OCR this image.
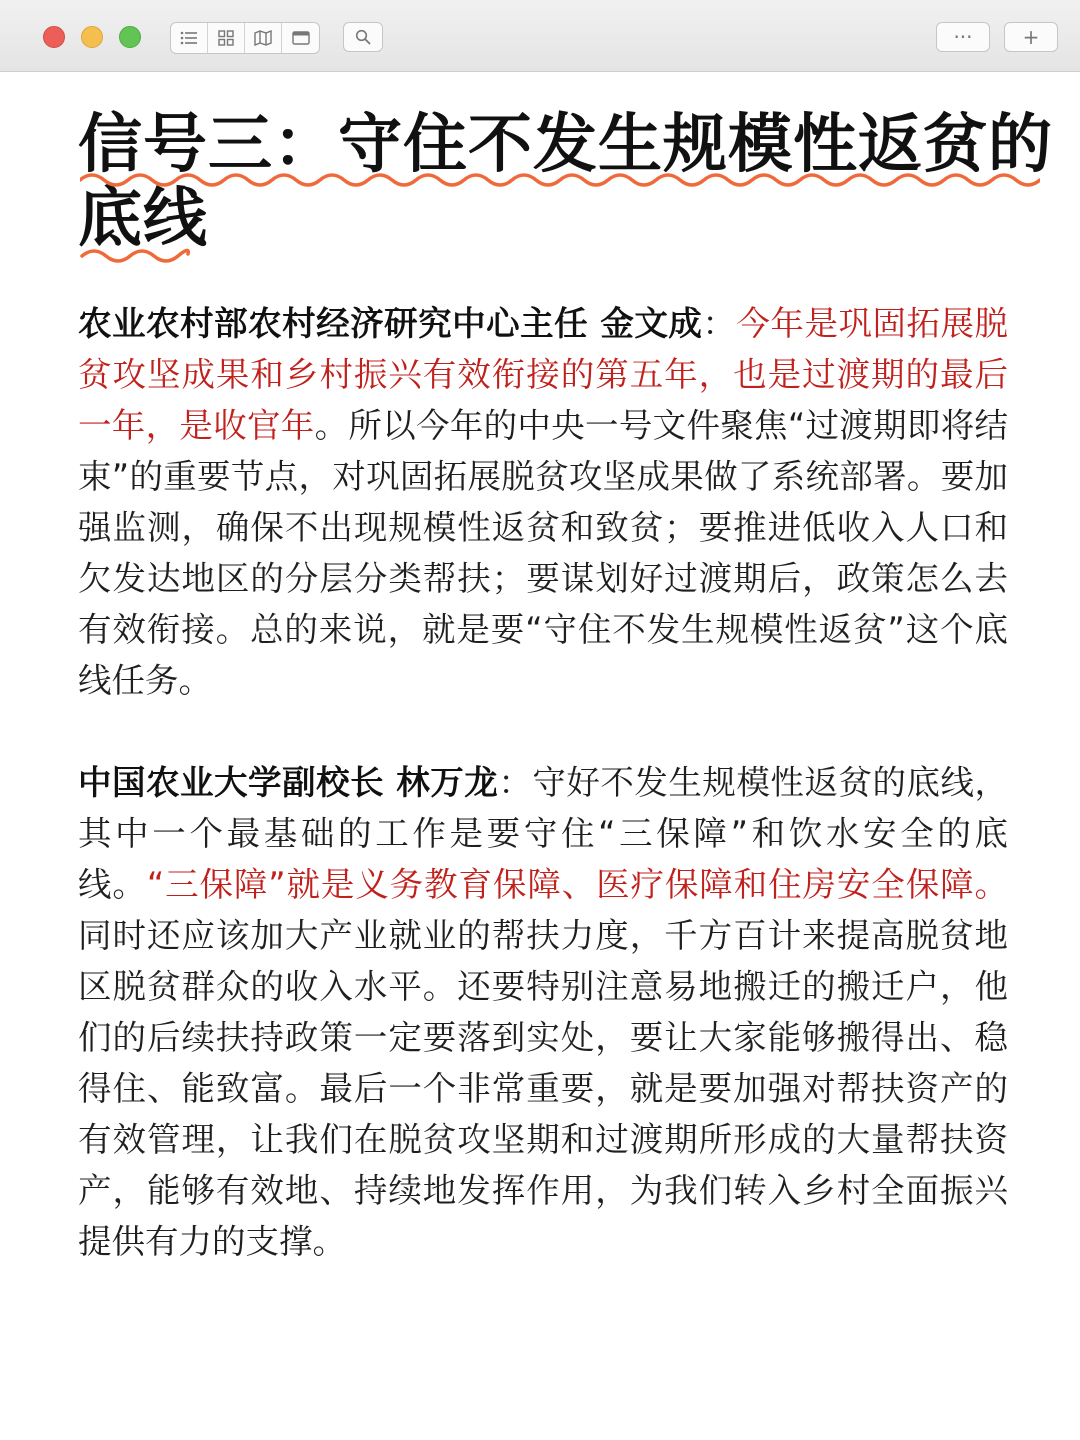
···	+
信号三：守住不发生规模性返贫的
底线

农业农村部农村经济研究中心主任 金文成：今年是巩固拓展脱贫攻坚成果和乡村振兴有效衔接的第五年，也是过渡期的最后一年，是收官年。所以今年的中央一号文件聚焦“过渡期即将结束”的重要节点，对巩固拓展脱贫攻坚成果做了系统部署。要加强监测，确保不出现规模性返贫和致贫；要推进低收入人口和欠发达地区的分层分类帮扶；要谋划好过渡期后，政策怎么去有效衔接。总的来说，就是要“守住不发生规模性返贫”这个底线任务。

中国农业大学副校长 林万龙：守好不发生规模性返贫的底线，其中一个最基础的工作是要守住“三保障”和饮水安全的底线。“三保障”就是义务教育保障、医疗保障和住房安全保障。同时还应该加大产业就业的帮扶力度，千方百计来提高脱贫地区脱贫群众的收入水平。还要特别注意易地搬迁的搬迁户，他们的后续扶持政策一定要落到实处，要让大家能够搬得出、稳得住、能致富。最后一个非常重要，就是要加强对帮扶资产的有效管理，让我们在脱贫攻坚期和过渡期所形成的大量帮扶资产，能够有效地、持续地发挥作用，为我们转入乡村全面振兴提供有力的支撑。
